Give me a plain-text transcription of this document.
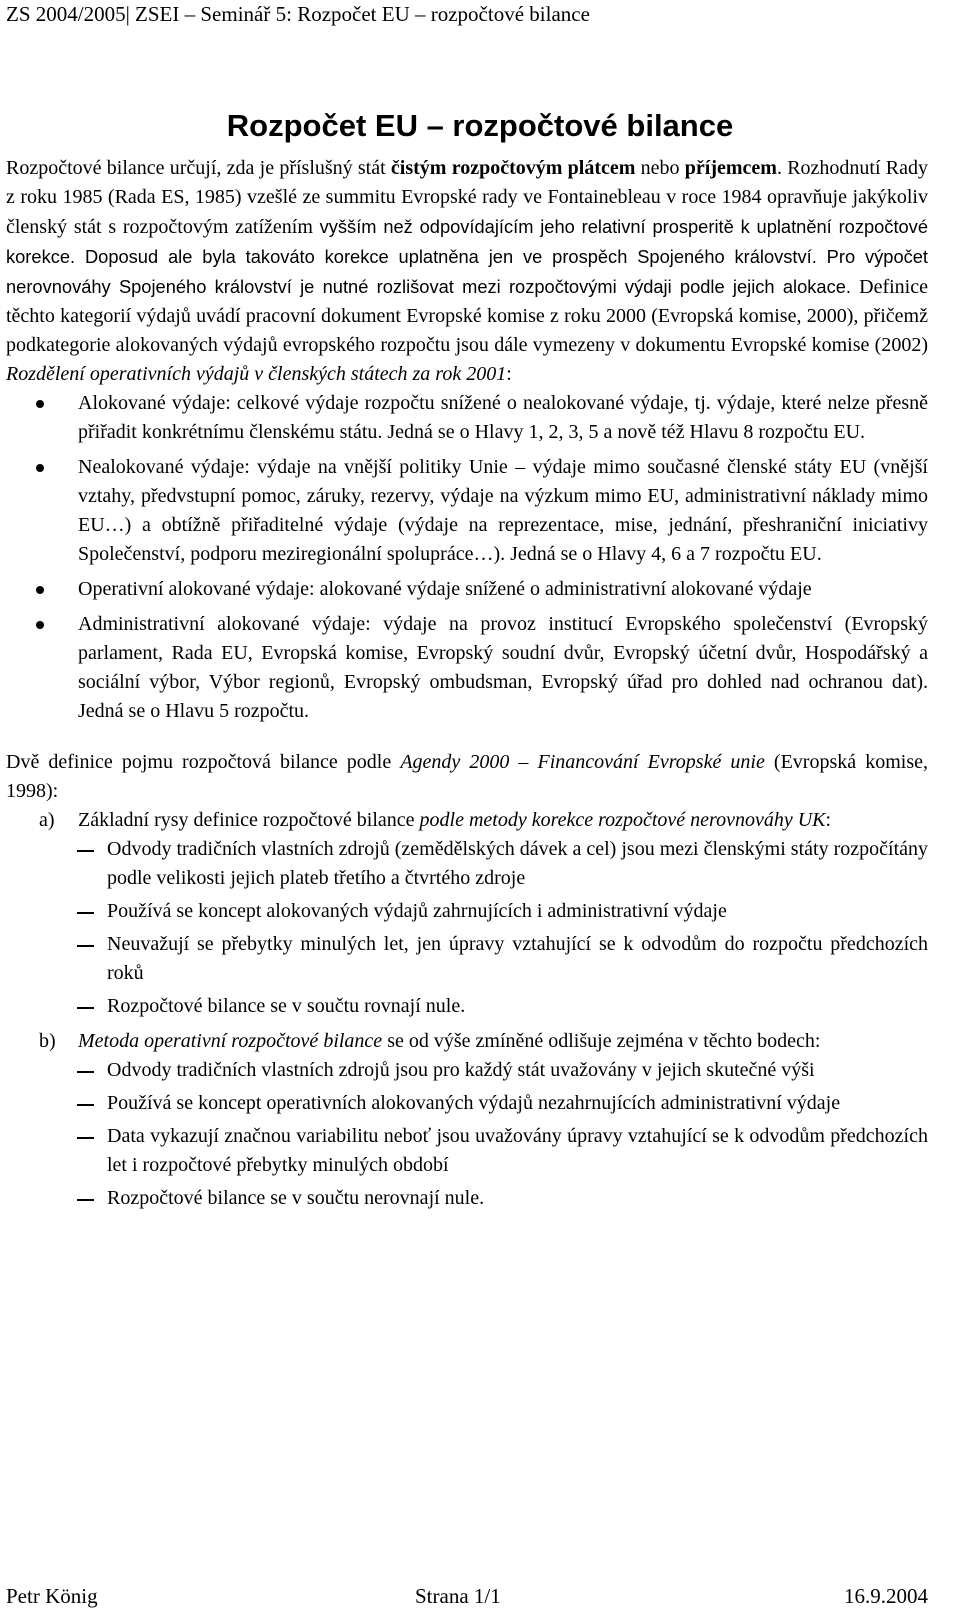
ZS 2004/2005| ZSEI – Seminář 5: Rozpočet EU – rozpočtové bilance
Rozpočet EU – rozpočtové bilance

Rozpočtové bilance určují, zda je příslušný stát čistým rozpočtovým plátcem nebo příjemcem. Rozhodnutí Rady z roku 1985 (Rada ES, 1985) vzešlé ze summitu Evropské rady ve Fontainebleau v roce 1984 opravňuje jakýkoliv členský stát s rozpočtovým zatížením vyšším než odpovídajícím jeho relativní prosperitě k uplatnění rozpočtové korekce. Doposud ale byla takováto korekce uplatněna jen ve prospěch Spojeného království. Pro výpočet nerovnováhy Spojeného království je nutné rozlišovat mezi rozpočtovými výdaji podle jejich alokace. Definice těchto kategorií výdajů uvádí pracovní dokument Evropské komise z roku 2000 (Evropská komise, 2000), přičemž podkategorie alokovaných výdajů evropského rozpočtu jsou dále vymezeny v dokumentu Evropské komise (2002) Rozdělení operativních výdajů v členských státech za rok 2001:

Alokované výdaje: celkové výdaje rozpočtu snížené o nealokované výdaje, tj. výdaje, které nelze přesně přiřadit konkrétnímu členskému státu. Jedná se o Hlavy 1, 2, 3, 5 a nově též Hlavu 8 rozpočtu EU.
Nealokované výdaje: výdaje na vnější politiky Unie – výdaje mimo současné členské státy EU (vnější vztahy, předvstupní pomoc, záruky, rezervy, výdaje na výzkum mimo EU, administrativní náklady mimo EU…) a obtížně přiřaditelné výdaje (výdaje na reprezentace, mise, jednání, přeshraniční iniciativy Společenství, podporu meziregionální spolupráce…). Jedná se o Hlavy 4, 6 a 7 rozpočtu EU.
Operativní alokované výdaje: alokované výdaje snížené o administrativní alokované výdaje
Administrativní alokované výdaje: výdaje na provoz institucí Evropského společenství (Evropský parlament, Rada EU, Evropská komise, Evropský soudní dvůr, Evropský účetní dvůr, Hospodářský a sociální výbor, Výbor regionů, Evropský ombudsman, Evropský úřad pro dohled nad ochranou dat). Jedná se o Hlavu 5 rozpočtu.

Dvě definice pojmu rozpočtová bilance podle Agendy 2000 – Financování Evropské unie (Evropská komise, 1998):

a) Základní rysy definice rozpočtové bilance podle metody korekce rozpočtové nerovnováhy UK:

Odvody tradičních vlastních zdrojů (zemědělských dávek a cel) jsou mezi členskými státy rozpočítány podle velikosti jejich plateb třetího a čtvrtého zdroje
Používá se koncept alokovaných výdajů zahrnujících i administrativní výdaje
Neuvažují se přebytky minulých let, jen úpravy vztahující se k odvodům do rozpočtu předchozích roků
Rozpočtové bilance se v součtu rovnají nule.

b) Metoda operativní rozpočtové bilance se od výše zmíněné odlišuje zejména v těchto bodech:

Odvody tradičních vlastních zdrojů jsou pro každý stát uvažovány v jejich skutečné výši
Používá se koncept operativních alokovaných výdajů nezahrnujících administrativní výdaje
Data vykazují značnou variabilitu neboť jsou uvažovány úpravy vztahující se k odvodům předchozích let i rozpočtové přebytky minulých období
Rozpočtové bilance se v součtu nerovnají nule.
Petr König	Strana 1/1	16.9.2004
